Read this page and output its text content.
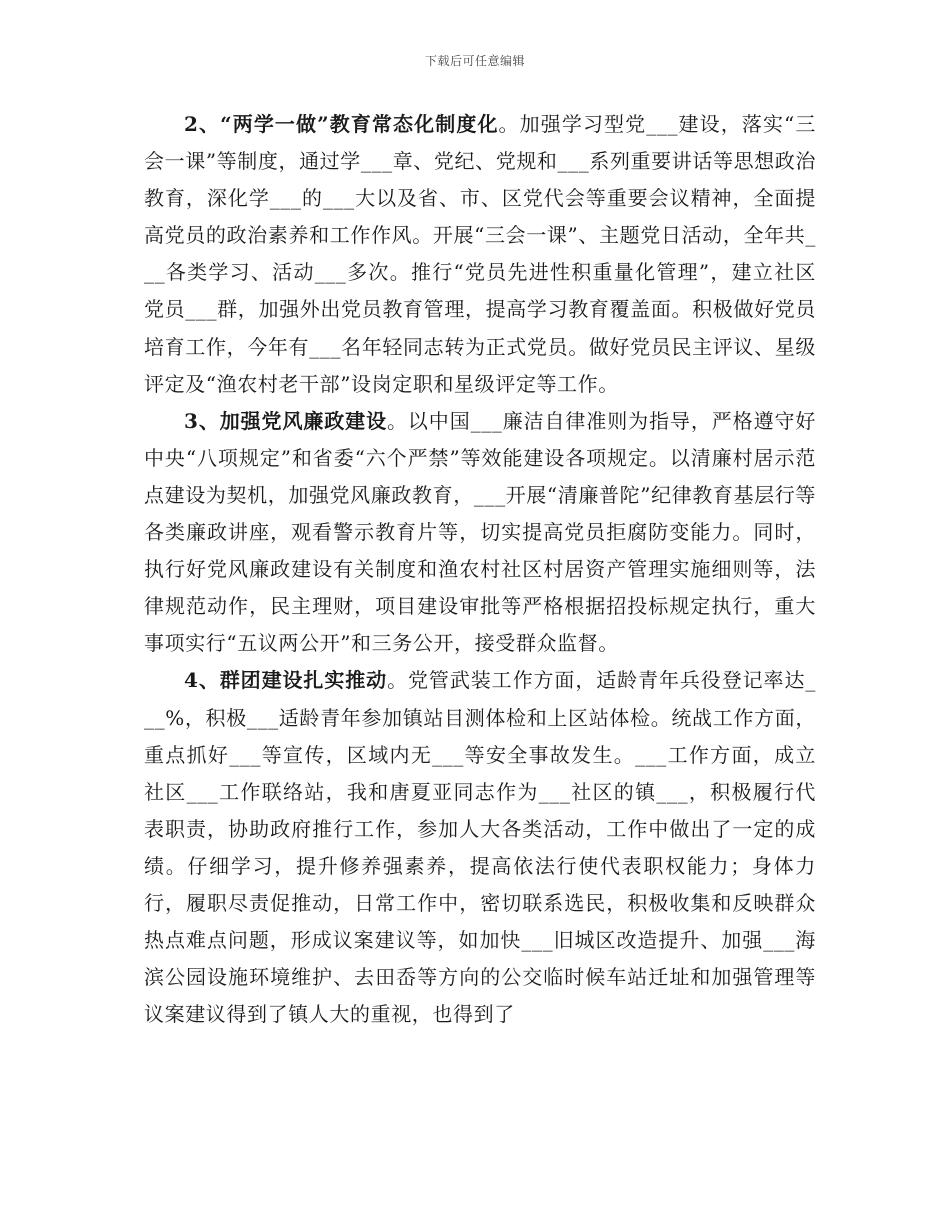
下载后可任意编辑

2、“两学一做”教育常态化制度化。加强学习型党___建设，落实“三会一课”等制度，通过学___章、党纪、党规和___系列重要讲话等思想政治教育，深化学___的___大以及省、市、区党代会等重要会议精神，全面提高党员的政治素养和工作作风。开展“三会一课”、主题党日活动，全年共___各类学习、活动___多次。推行“党员先进性积重量化管理”，建立社区党员___群，加强外出党员教育管理，提高学习教育覆盖面。积极做好党员培育工作，今年有___名年轻同志转为正式党员。做好党员民主评议、星级评定及“渔农村老干部”设岗定职和星级评定等工作。

3、加强党风廉政建设。以中国___廉洁自律准则为指导，严格遵守好中央“八项规定”和省委“六个严禁”等效能建设各项规定。以清廉村居示范点建设为契机，加强党风廉政教育，___开展“清廉普陀”纪律教育基层行等各类廉政讲座，观看警示教育片等，切实提高党员拒腐防变能力。同时，执行好党风廉政建设有关制度和渔农村社区村居资产管理实施细则等，法律规范动作，民主理财，项目建设审批等严格根据招投标规定执行，重大事项实行“五议两公开”和三务公开，接受群众监督。

4、群团建设扎实推动。党管武装工作方面，适龄青年兵役登记率达___%，积极___适龄青年参加镇站目测体检和上区站体检。统战工作方面，重点抓好___等宣传，区域内无___等安全事故发生。___工作方面，成立社区___工作联络站，我和唐夏亚同志作为___社区的镇___，积极履行代表职责，协助政府推行工作，参加人大各类活动，工作中做出了一定的成绩。仔细学习，提升修养强素养，提高依法行使代表职权能力；身体力行，履职尽责促推动，日常工作中，密切联系选民，积极收集和反映群众热点难点问题，形成议案建议等，如加快___旧城区改造提升、加强___海滨公园设施环境维护、去田岙等方向的公交临时候车站迁址和加强管理等议案建议得到了镇人大的重视，也得到了
